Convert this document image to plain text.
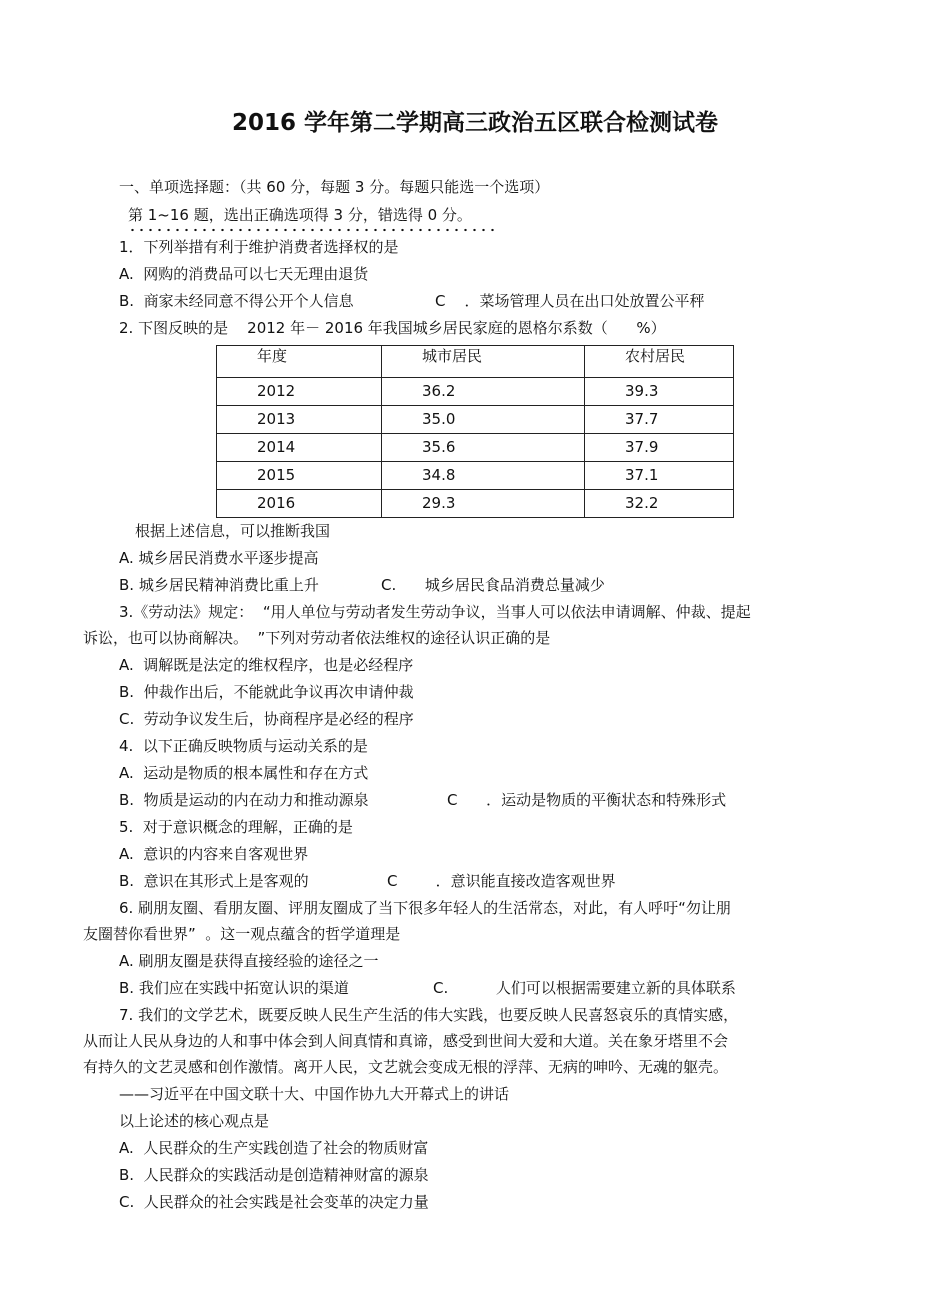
2016 学年第二学期高三政治五区联合检测试卷
一、单项选择题：（共 60 分，每题 3 分。每题只能选一个选项）
第 1~16 题，选出正确选项得 3 分，错选得 0 分。
1．下列举措有利于维护消费者选择权的是
A.  网购的消费品可以七天无理由退货
B.  商家未经同意不得公开个人信息	C    ．菜场管理人员在出口处放置公平秤
2. 下图反映的是    2012 年－ 2016 年我国城乡居民家庭的恩格尔系数（      %）
年度	城市居民	农村居民
2012	36.2	39.3
2013	35.0	37.7
2014	35.6	37.9
2015	34.8	37.1
2016	29.3	32.2
根据上述信息，可以推断我国
A. 城乡居民消费水平逐步提高
B. 城乡居民精神消费比重上升	C.      城乡居民食品消费总量减少
3.《劳动法》规定：  “用人单位与劳动者发生劳动争议，当事人可以依法申请调解、仲裁、提起
诉讼，也可以协商解决。  ”下列对劳动者依法维权的途径认识正确的是
A.  调解既是法定的维权程序，也是必经程序
B.  仲裁作出后，不能就此争议再次申请仲裁
C.  劳动争议发生后，协商程序是必经的程序
4.  以下正确反映物质与运动关系的是
A.  运动是物质的根本属性和存在方式
B.  物质是运动的内在动力和推动源泉	C      ．运动是物质的平衡状态和特殊形式
5.  对于意识概念的理解，正确的是
A.  意识的内容来自客观世界
B.  意识在其形式上是客观的	C        ．意识能直接改造客观世界
6. 刷朋友圈、看朋友圈、评朋友圈成了当下很多年轻人的生活常态，对此，有人呼吁“勿让朋
友圈替你看世界”  。这一观点蕴含的哲学道理是
A. 刷朋友圈是获得直接经验的途径之一
B. 我们应在实践中拓宽认识的渠道	C.          人们可以根据需要建立新的具体联系
7. 我们的文学艺术，既要反映人民生产生活的伟大实践，也要反映人民喜怒哀乐的真情实感，
从而让人民从身边的人和事中体会到人间真情和真谛，感受到世间大爱和大道。关在象牙塔里不会
有持久的文艺灵感和创作激情。离开人民，文艺就会变成无根的浮萍、无病的呻吟、无魂的躯壳。
——习近平在中国文联十大、中国作协九大开幕式上的讲话
以上论述的核心观点是
A.  人民群众的生产实践创造了社会的物质财富
B.  人民群众的实践活动是创造精神财富的源泉
C.  人民群众的社会实践是社会变革的决定力量
